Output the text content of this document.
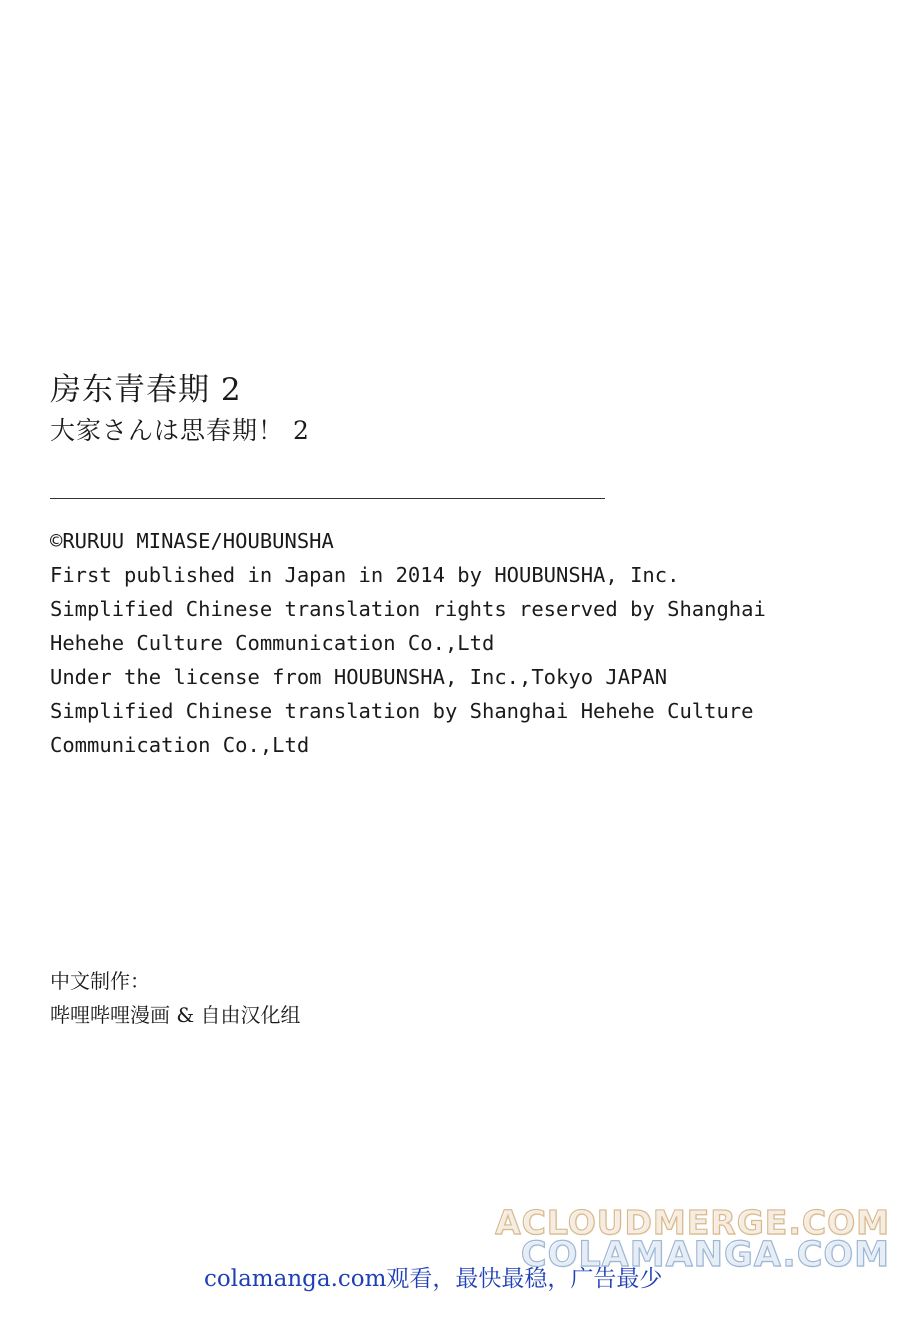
房东青春期 2
大家さんは思春期！ 2
©RURUU MINASE/HOUBUNSHA
First published in Japan in 2014 by HOUBUNSHA, Inc.
Simplified Chinese translation rights reserved by Shanghai
Hehehe Culture Communication Co.,Ltd
Under the license from HOUBUNSHA, Inc.,Tokyo JAPAN
Simplified Chinese translation by Shanghai Hehehe Culture
Communication Co.,Ltd
中文制作：
哔哩哔哩漫画 & 自由汉化组
ACLOUDMERGE.COM
COLAMANGA.COM
colamanga.com观看，最快最稳，广告最少
